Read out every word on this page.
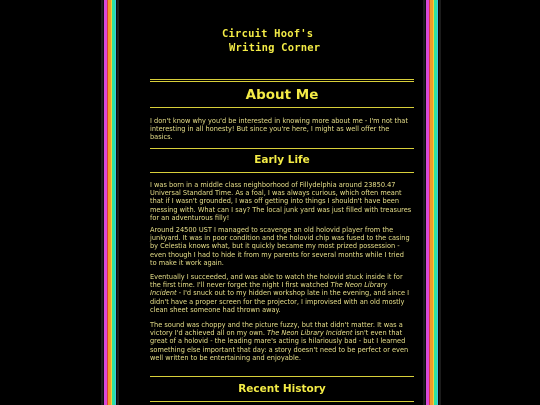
Circuit Hoof's
Writing Corner
About Me

I don't know why you'd be interested in knowing more about me - I'm not that interesting in all honesty! But since you're here, I might as well offer the basics.

Early Life

I was born in a middle class neighborhood of Fillydelphia around 23850.47 Universal Standard Time. As a foal, I was always curious, which often meant that if I wasn't grounded, I was off getting into things I shouldn't have been messing with. What can I say? The local junk yard was just filled with treasures for an adventurous filly!

Around 24500 UST I managed to scavenge an old holovid player from the junkyard. It was in poor condition and the holovid chip was fused to the casing by Celestia knows what, but it quickly became my most prized possession - even though I had to hide it from my parents for several months while I tried to make it work again.

Eventually I succeeded, and was able to watch the holovid stuck inside it for the first time. I'll never forget the night I first watched The Neon Library Incident - I'd snuck out to my hidden workshop late in the evening, and since I didn't have a proper screen for the projector, I improvised with an old mostly clean sheet someone had thrown away.

The sound was choppy and the picture fuzzy, but that didn't matter. It was a victory I'd achieved all on my own. The Neon Library Incident isn't even that great of a holovid - the leading mare's acting is hilariously bad - but I learned something else important that day: a story doesn't need to be perfect or even well written to be entertaining and enjoyable.

Recent History
